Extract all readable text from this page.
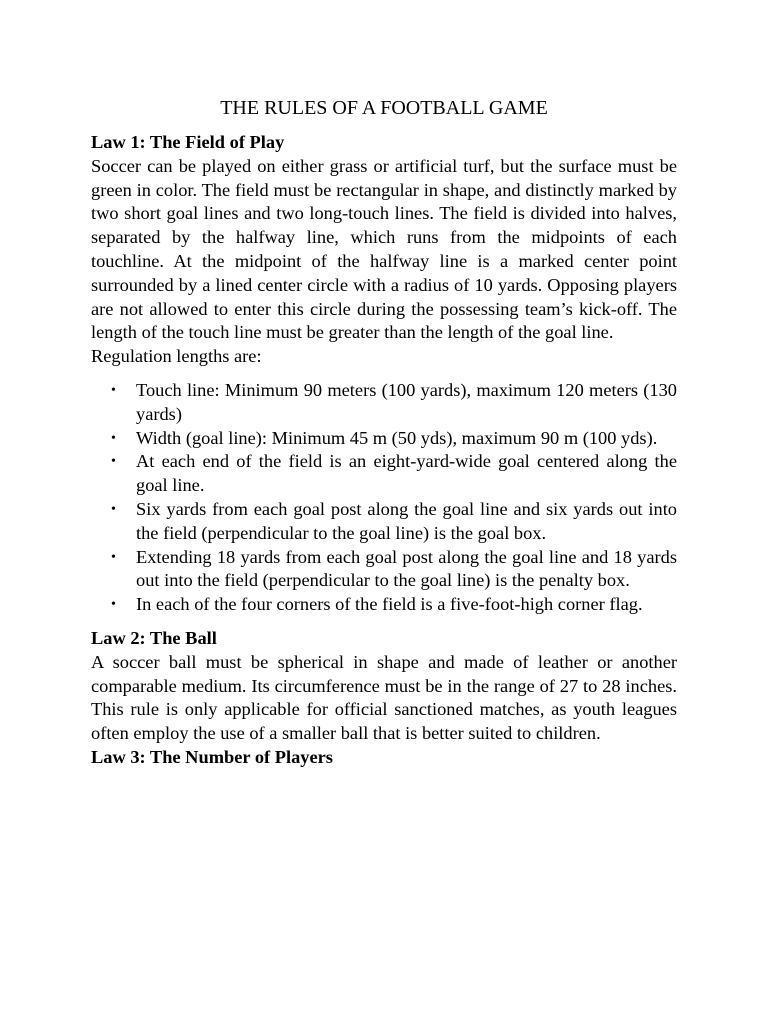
THE RULES OF A FOOTBALL GAME
Law 1: The Field of Play
Soccer can be played on either grass or artificial turf, but the surface must be green in color. The field must be rectangular in shape, and distinctly marked by two short goal lines and two long-touch lines. The field is divided into halves, separated by the halfway line, which runs from the midpoints of each touchline. At the midpoint of the halfway line is a marked center point surrounded by a lined center circle with a radius of 10 yards. Opposing players are not allowed to enter this circle during the possessing team’s kick-off. The length of the touch line must be greater than the length of the goal line.
Regulation lengths are:
• Touch line: Minimum 90 meters (100 yards), maximum 120 meters (130 yards)
• Width (goal line): Minimum 45 m (50 yds), maximum 90 m (100 yds).
• At each end of the field is an eight-yard-wide goal centered along the goal line.
• Six yards from each goal post along the goal line and six yards out into the field (perpendicular to the goal line) is the goal box.
• Extending 18 yards from each goal post along the goal line and 18 yards out into the field (perpendicular to the goal line) is the penalty box.
• In each of the four corners of the field is a five-foot-high corner flag.
Law 2: The Ball
A soccer ball must be spherical in shape and made of leather or another comparable medium. Its circumference must be in the range of 27 to 28 inches. This rule is only applicable for official sanctioned matches, as youth leagues often employ the use of a smaller ball that is better suited to children.
Law 3: The Number of Players
